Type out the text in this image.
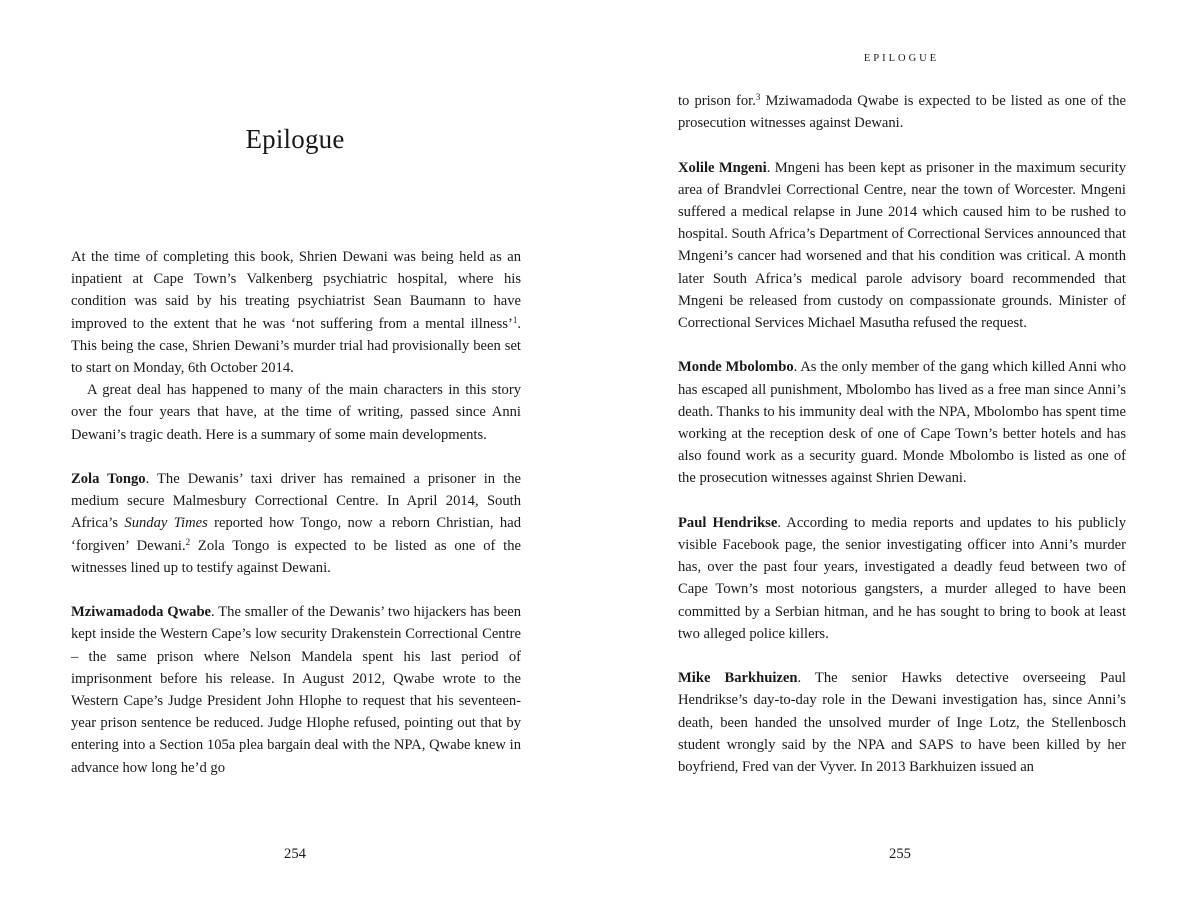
Epilogue

At the time of completing this book, Shrien Dewani was being held as an inpatient at Cape Town’s Valkenberg psychiatric hospital, where his condition was said by his treating psychiatrist Sean Baumann to have improved to the extent that he was ‘not suffering from a mental illness’$^1$. This being the case, Shrien Dewani’s murder trial had provisionally been set to start on Monday, 6th October 2014.

A great deal has happened to many of the main characters in this story over the four years that have, at the time of writing, passed since Anni Dewani’s tragic death. Here is a summary of some main developments.

Zola Tongo. The Dewanis’ taxi driver has remained a prisoner in the medium secure Malmesbury Correctional Centre. In April 2014, South Africa’s Sunday Times reported how Tongo, now a reborn Christian, had ‘forgiven’ Dewani.$^2$ Zola Tongo is expected to be listed as one of the witnesses lined up to testify against Dewani.

Mziwamadoda Qwabe. The smaller of the Dewanis’ two hijackers has been kept inside the Western Cape’s low security Drakenstein Correctional Centre – the same prison where Nelson Mandela spent his last period of imprisonment before his release. In August 2012, Qwabe wrote to the Western Cape’s Judge President John Hlophe to request that his seventeen-year prison sentence be reduced. Judge Hlophe refused, pointing out that by entering into a Section 105a plea bargain deal with the NPA, Qwabe knew in advance how long he’d go

254
EPILOGUE

to prison for.$^3$ Mziwamadoda Qwabe is expected to be listed as one of the prosecution witnesses against Dewani.

Xolile Mngeni. Mngeni has been kept as prisoner in the maximum security area of Brandvlei Correctional Centre, near the town of Worcester. Mngeni suffered a medical relapse in June 2014 which caused him to be rushed to hospital. South Africa’s Department of Correctional Services announced that Mngeni’s cancer had worsened and that his condition was critical. A month later South Africa’s medical parole advisory board recommended that Mngeni be released from custody on compassionate grounds. Minister of Correctional Services Michael Masutha refused the request.

Monde Mbolombo. As the only member of the gang which killed Anni who has escaped all punishment, Mbolombo has lived as a free man since Anni’s death. Thanks to his immunity deal with the NPA, Mbolombo has spent time working at the reception desk of one of Cape Town’s better hotels and has also found work as a security guard. Monde Mbolombo is listed as one of the prosecution witnesses against Shrien Dewani.

Paul Hendrikse. According to media reports and updates to his publicly visible Facebook page, the senior investigating officer into Anni’s murder has, over the past four years, investigated a deadly feud between two of Cape Town’s most notorious gangsters, a murder alleged to have been committed by a Serbian hitman, and he has sought to bring to book at least two alleged police killers.

Mike Barkhuizen. The senior Hawks detective overseeing Paul Hendrikse’s day-to-day role in the Dewani investigation has, since Anni’s death, been handed the unsolved murder of Inge Lotz, the Stellenbosch student wrongly said by the NPA and SAPS to have been killed by her boyfriend, Fred van der Vyver. In 2013 Barkhuizen issued an

255
